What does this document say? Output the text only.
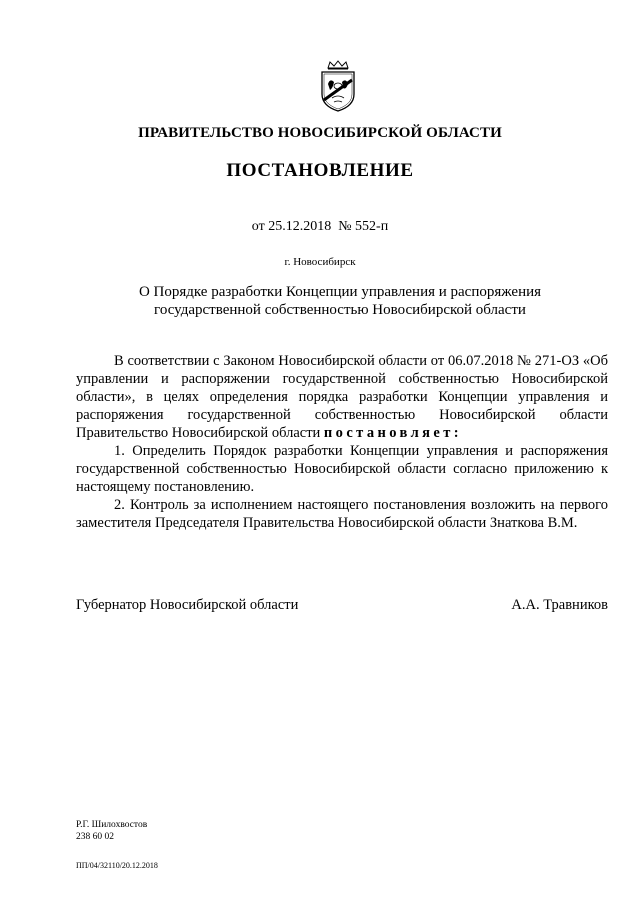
ПРАВИТЕЛЬСТВО НОВОСИБИРСКОЙ ОБЛАСТИ
ПОСТАНОВЛЕНИЕ
от 25.12.2018  № 552-п
г. Новосибирск
О Порядке разработки Концепции управления и распоряжения
государственной собственностью Новосибирской области

В соответствии с Законом Новосибирской области от 06.07.2018 № 271-ОЗ «Об управлении и распоряжении государственной собственностью Новосибирской области», в целях определения порядка разработки Концепции управления и распоряжения государственной собственностью Новосибирской области Правительство Новосибирской области постановляет:

1. Определить Порядок разработки Концепции управления и распоряжения государственной собственностью Новосибирской области согласно приложению к настоящему постановлению.

2. Контроль за исполнением настоящего постановления возложить на первого заместителя Председателя Правительства Новосибирской области Знаткова В.М.

Губернатор Новосибирской области	А.А. Травников
Р.Г. Шилохвостов
238 60 02
ПП/04/32110/20.12.2018
